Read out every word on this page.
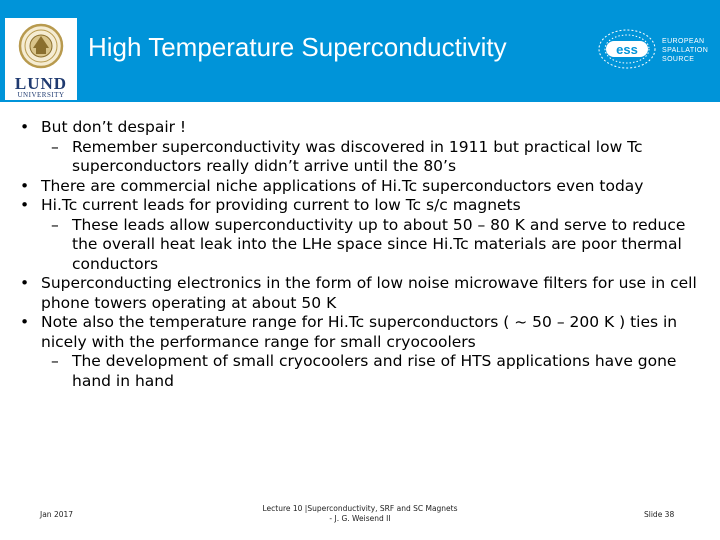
LUND
UNIVERSITY
High Temperature Superconductivity	ess
EUROPEAN
SPALLATION
SOURCE
• But don’t despair !
– Remember superconductivity was discovered in 1911 but practical low Tc superconductors really didn’t arrive until the 80’s
• There are commercial niche applications of Hi.Tc superconductors even today
• Hi.Tc current leads for providing current to low Tc s/c magnets
– These leads allow superconductivity up to about 50 – 80 K and serve to reduce the overall heat leak into the LHe space since Hi.Tc materials are poor thermal conductors
• Superconducting electronics in the form of low noise microwave filters for use in cell phone towers operating at about 50 K
• Note also the temperature range for Hi.Tc superconductors ( ~ 50 – 200 K ) ties in nicely with the performance range for small cryocoolers
– The development of small cryocoolers and rise of HTS applications have gone hand in hand
Jan 2017
Lecture 10 |Superconductivity, SRF and SC Magnets
- J. G. Weisend II	Slide 38
